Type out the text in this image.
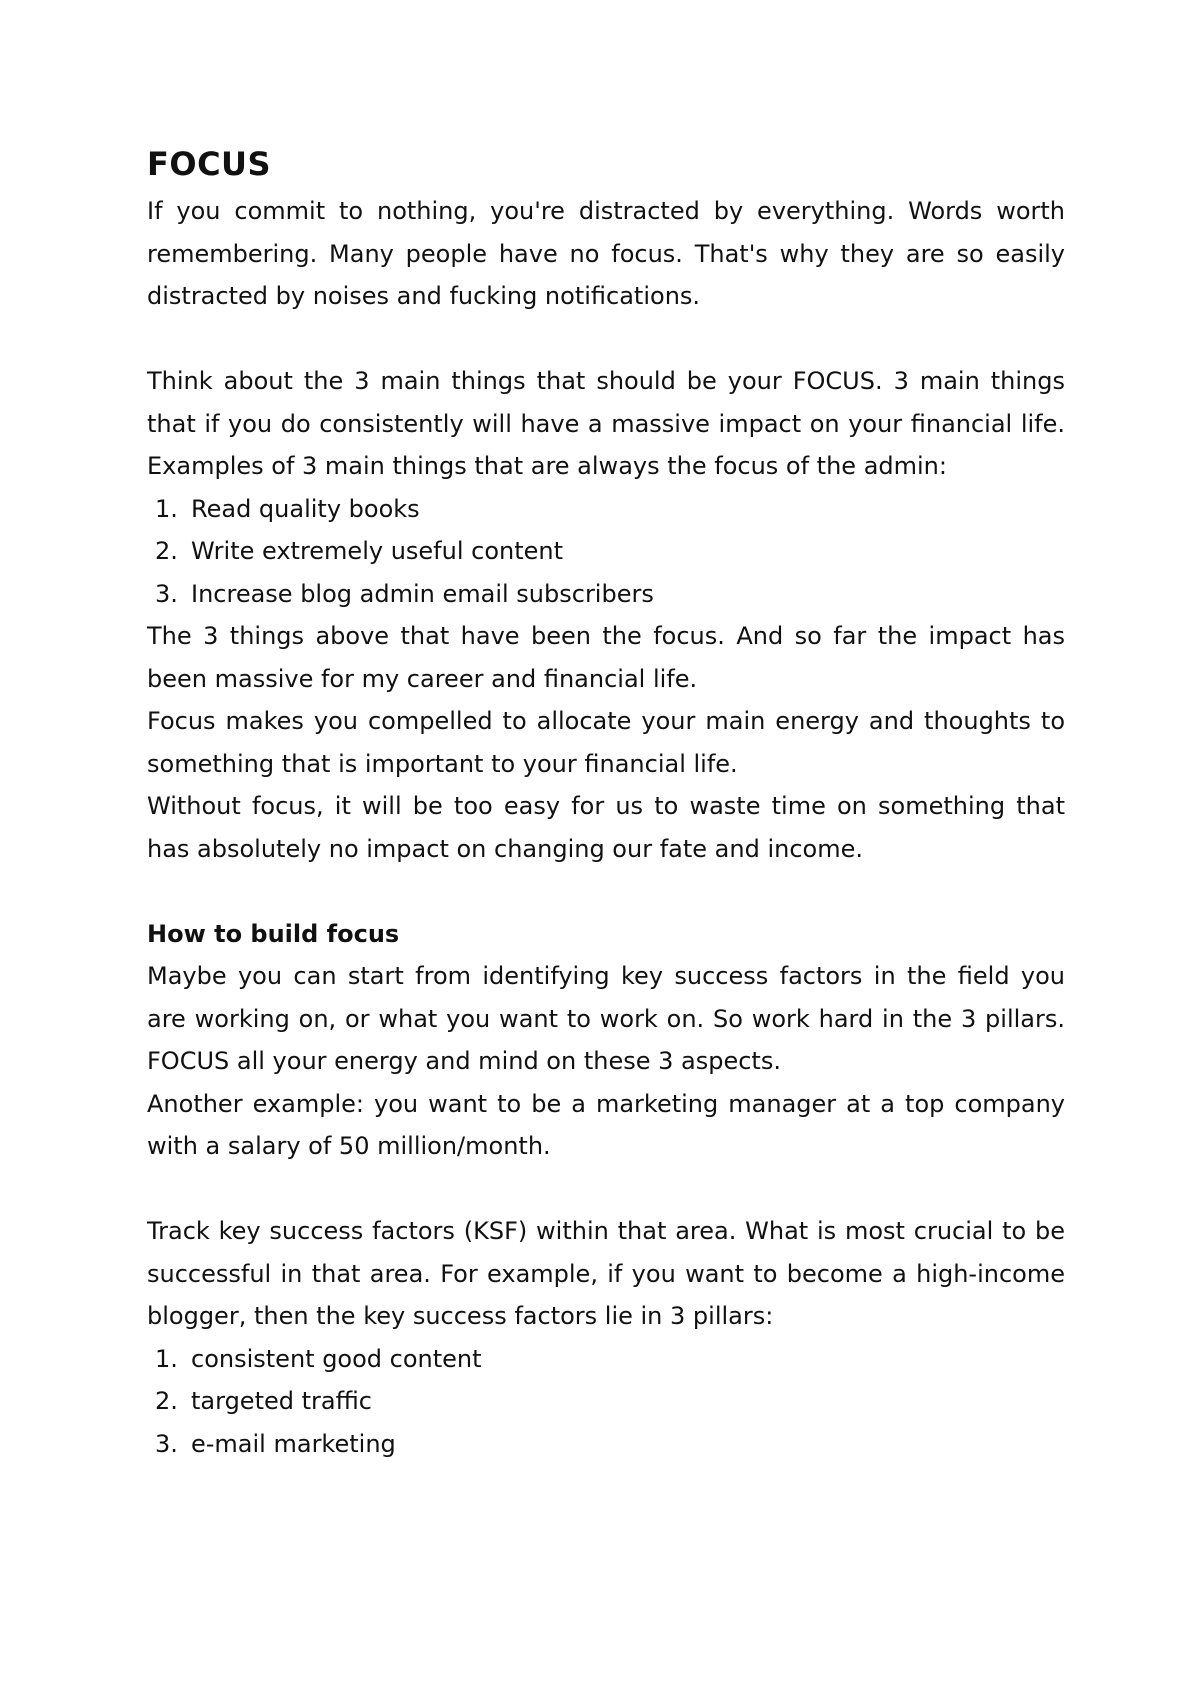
FOCUS

If you commit to nothing, you're distracted by everything. Words worth remembering. Many people have no focus. That's why they are so easily distracted by noises and fucking notifications.

Think about the 3 main things that should be your FOCUS. 3 main things that if you do consistently will have a massive impact on your financial life. Examples of 3 main things that are always the focus of the admin:

1. Read quality books
2. Write extremely useful content
3. Increase blog admin email subscribers

The 3 things above that have been the focus. And so far the impact has been massive for my career and financial life.

Focus makes you compelled to allocate your main energy and thoughts to something that is important to your financial life.

Without focus, it will be too easy for us to waste time on something that has absolutely no impact on changing our fate and income.

How to build focus

Maybe you can start from identifying key success factors in the field you are working on, or what you want to work on. So work hard in the 3 pillars. FOCUS all your energy and mind on these 3 aspects.

Another example: you want to be a marketing manager at a top company with a salary of 50 million/month.

Track key success factors (KSF) within that area. What is most crucial to be successful in that area. For example, if you want to become a high-income blogger, then the key success factors lie in 3 pillars:

1. consistent good content
2. targeted traffic
3. e-mail marketing
